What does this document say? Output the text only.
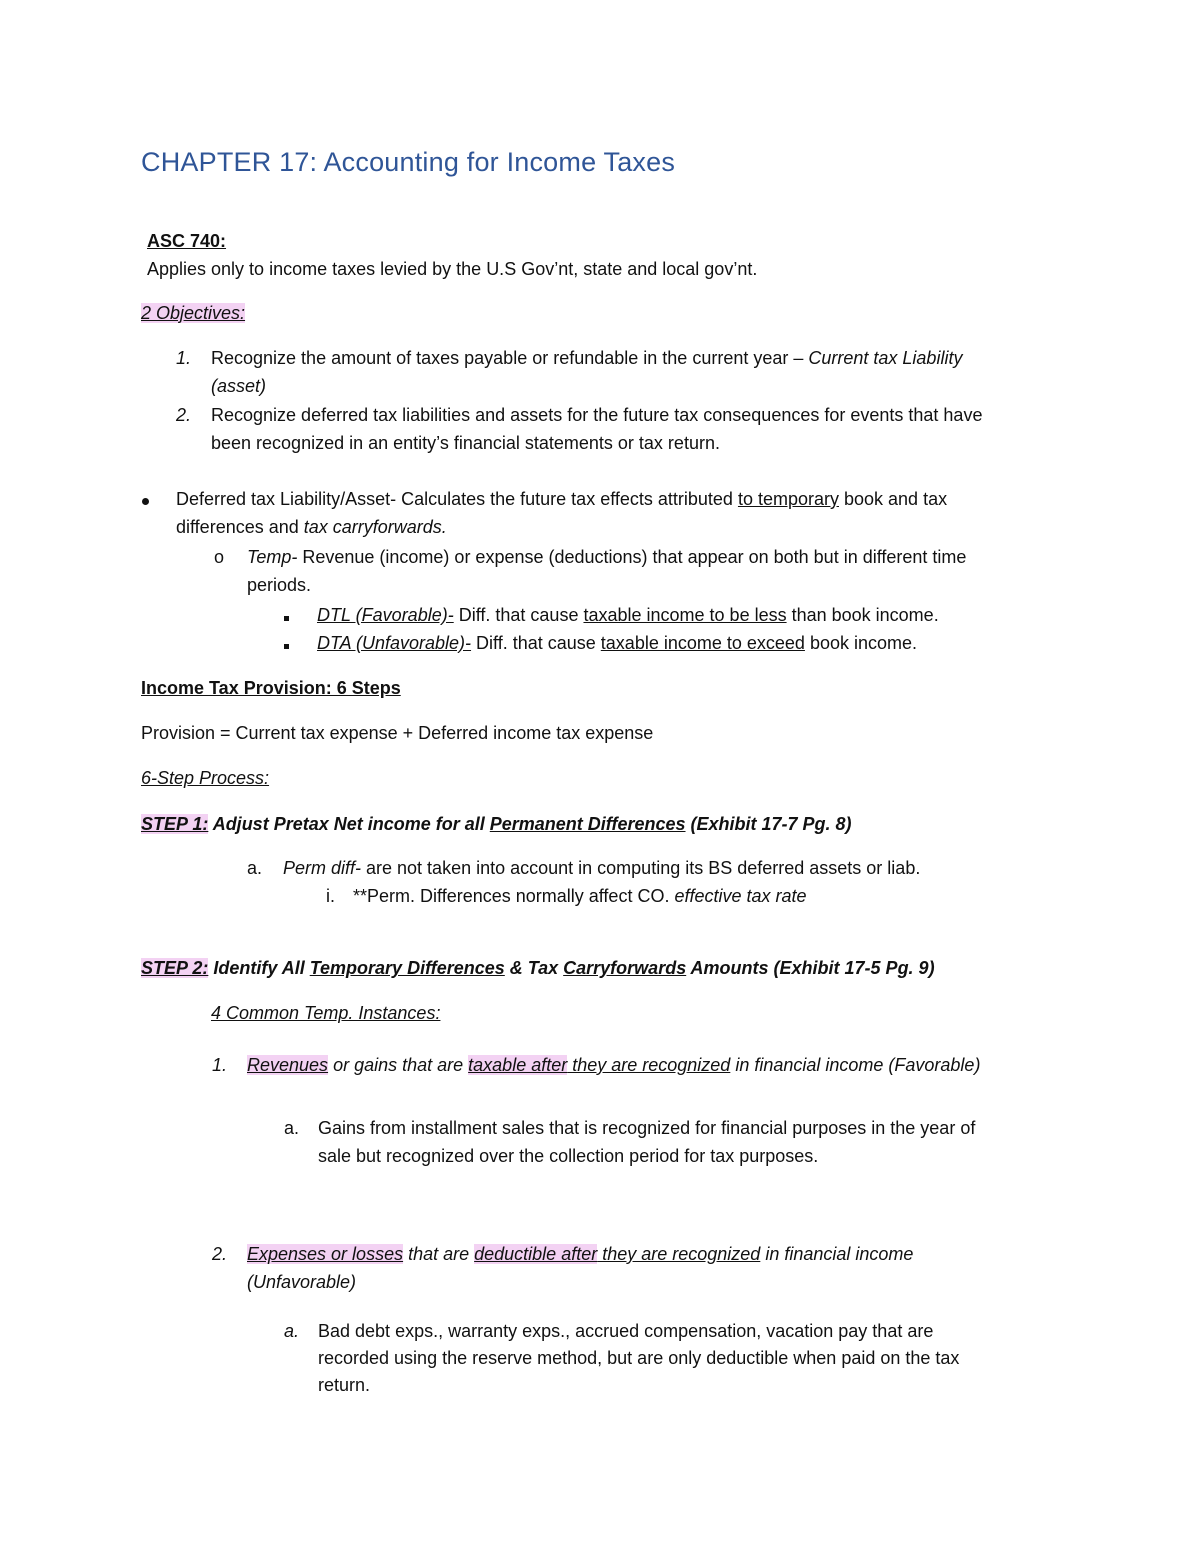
CHAPTER 17: Accounting for Income Taxes
ASC 740:
Applies only to income taxes levied by the U.S Gov’nt, state and local gov’nt.
2 Objectives:
1. Recognize the amount of taxes payable or refundable in the current year – Current tax Liability
(asset)
2. Recognize deferred tax liabilities and assets for the future tax consequences for events that have
been recognized in an entity’s financial statements or tax return.
Deferred tax Liability/Asset- Calculates the future tax effects attributed to temporary book and tax
differences and tax carryforwards.
o Temp- Revenue (income) or expense (deductions) that appear on both but in different time
periods.
DTL (Favorable)- Diff. that cause taxable income to be less than book income.
DTA (Unfavorable)- Diff. that cause taxable income to exceed book income.
Income Tax Provision: 6 Steps
Provision = Current tax expense + Deferred income tax expense
6-Step Process:
STEP 1: Adjust Pretax Net income for all Permanent Differences (Exhibit 17-7 Pg. 8)
a. Perm diff- are not taken into account in computing its BS deferred assets or liab.
i. **Perm. Differences normally affect CO. effective tax rate
STEP 2: Identify All Temporary Differences & Tax Carryforwards Amounts (Exhibit 17-5 Pg. 9)
4 Common Temp. Instances:
1. Revenues or gains that are taxable after they are recognized in financial income (Favorable)
a. Gains from installment sales that is recognized for financial purposes in the year of
sale but recognized over the collection period for tax purposes.
2. Expenses or losses that are deductible after they are recognized in financial income
(Unfavorable)
a. Bad debt exps., warranty exps., accrued compensation, vacation pay that are
recorded using the reserve method, but are only deductible when paid on the tax
return.
